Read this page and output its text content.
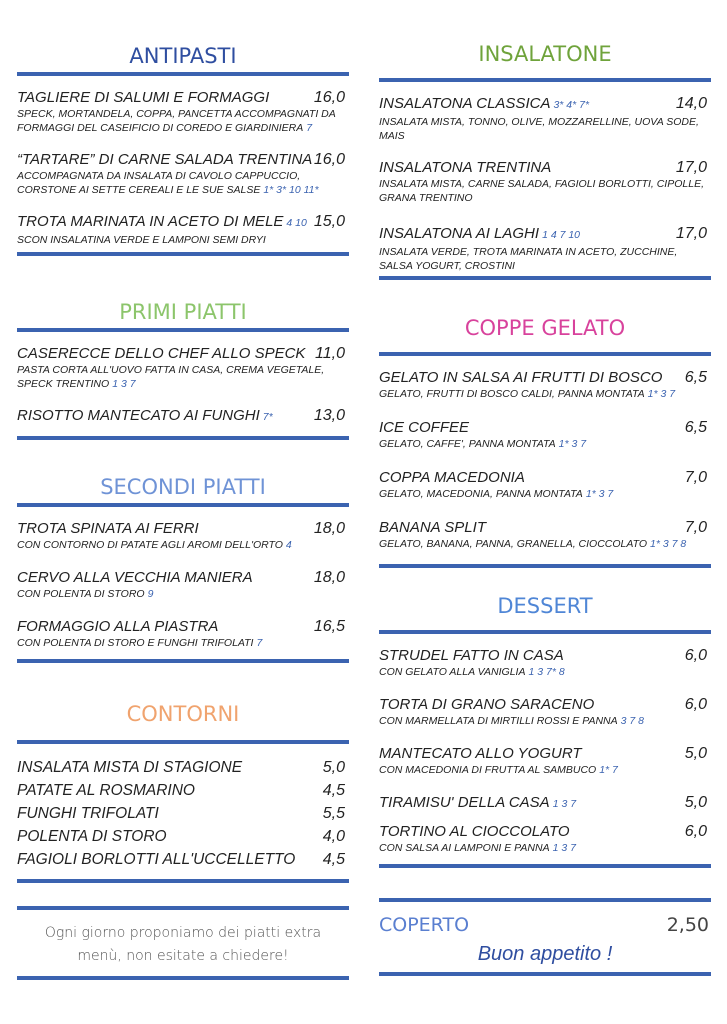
ANTIPASTI
TAGLIERE DI SALUMI E FORMAGGI	16,0
SPECK, MORTANDELA, COPPA, PANCETTA ACCOMPAGNATI DA FORMAGGI DEL CASEIFICIO DI COREDO E GIARDINIERA 7
“TARTARE” DI CARNE SALADA TRENTINA 16,0
ACCOMPAGNATA DA INSALATA DI CAVOLO CAPPUCCIO, CORSTONE AI SETTE CEREALI E LE SUE SALSE 1* 3* 10 11*
TROTA MARINATA IN ACETO DI MELE 4 10 15,0
SCON INSALATINA VERDE E LAMPONI SEMI DRYI
PRIMI PIATTI
CASERECCE DELLO CHEF ALLO SPECK 11,0
PASTA CORTA ALL'UOVO FATTA IN CASA, CREMA VEGETALE, SPECK TRENTINO 1 3 7
RISOTTO MANTECATO AI FUNGHI 7*	13,0
SECONDI PIATTI
TROTA SPINATA AI FERRI	18,0
CON CONTORNO DI PATATE AGLI AROMI DELL'ORTO 4
CERVO ALLA VECCHIA MANIERA	18,0
CON POLENTA DI STORO 9
FORMAGGIO ALLA PIASTRA	16,5
CON POLENTA DI STORO E FUNGHI TRIFOLATI 7
CONTORNI
INSALATA MISTA DI STAGIONE	5,0
PATATE AL ROSMARINO	4,5
FUNGHI TRIFOLATI	5,5
POLENTA DI STORO	4,0
FAGIOLI BORLOTTI ALL'UCCELLETTO	4,5
Ogni giorno proponiamo dei piatti extra
menù, non esitate a chiedere!
INSALATONE
INSALATONA CLASSICA 3* 4* 7*	14,0
INSALATA MISTA, TONNO, OLIVE, MOZZARELLINE, UOVA SODE, MAIS
INSALATONA TRENTINA	17,0
INSALATA MISTA, CARNE SALADA, FAGIOLI BORLOTTI, CIPOLLE, GRANA TRENTINO
INSALATONA AI LAGHI 1 4 7 10	17,0
INSALATA VERDE, TROTA MARINATA IN ACETO, ZUCCHINE, SALSA YOGURT, CROSTINI
COPPE GELATO
GELATO IN SALSA AI FRUTTI DI BOSCO	6,5
GELATO, FRUTTI DI BOSCO CALDI, PANNA MONTATA 1* 3 7
ICE COFFEE	6,5
GELATO, CAFFE', PANNA MONTATA 1* 3 7
COPPA MACEDONIA	7,0
GELATO, MACEDONIA, PANNA MONTATA 1* 3 7
BANANA SPLIT	7,0
GELATO, BANANA, PANNA, GRANELLA, CIOCCOLATO 1* 3 7 8
DESSERT
STRUDEL FATTO IN CASA	6,0
CON GELATO ALLA VANIGLIA 1 3 7* 8
TORTA DI GRANO SARACENO	6,0
CON MARMELLATA DI MIRTILLI ROSSI E PANNA 3 7 8
MANTECATO ALLO YOGURT	5,0
CON MACEDONIA DI FRUTTA AL SAMBUCO 1* 7
TIRAMISU' DELLA CASA 1 3 7	5,0
TORTINO AL CIOCCOLATO	6,0
CON SALSA AI LAMPONI E PANNA 1 3 7
COPERTO	2,50
Buon appetito !
